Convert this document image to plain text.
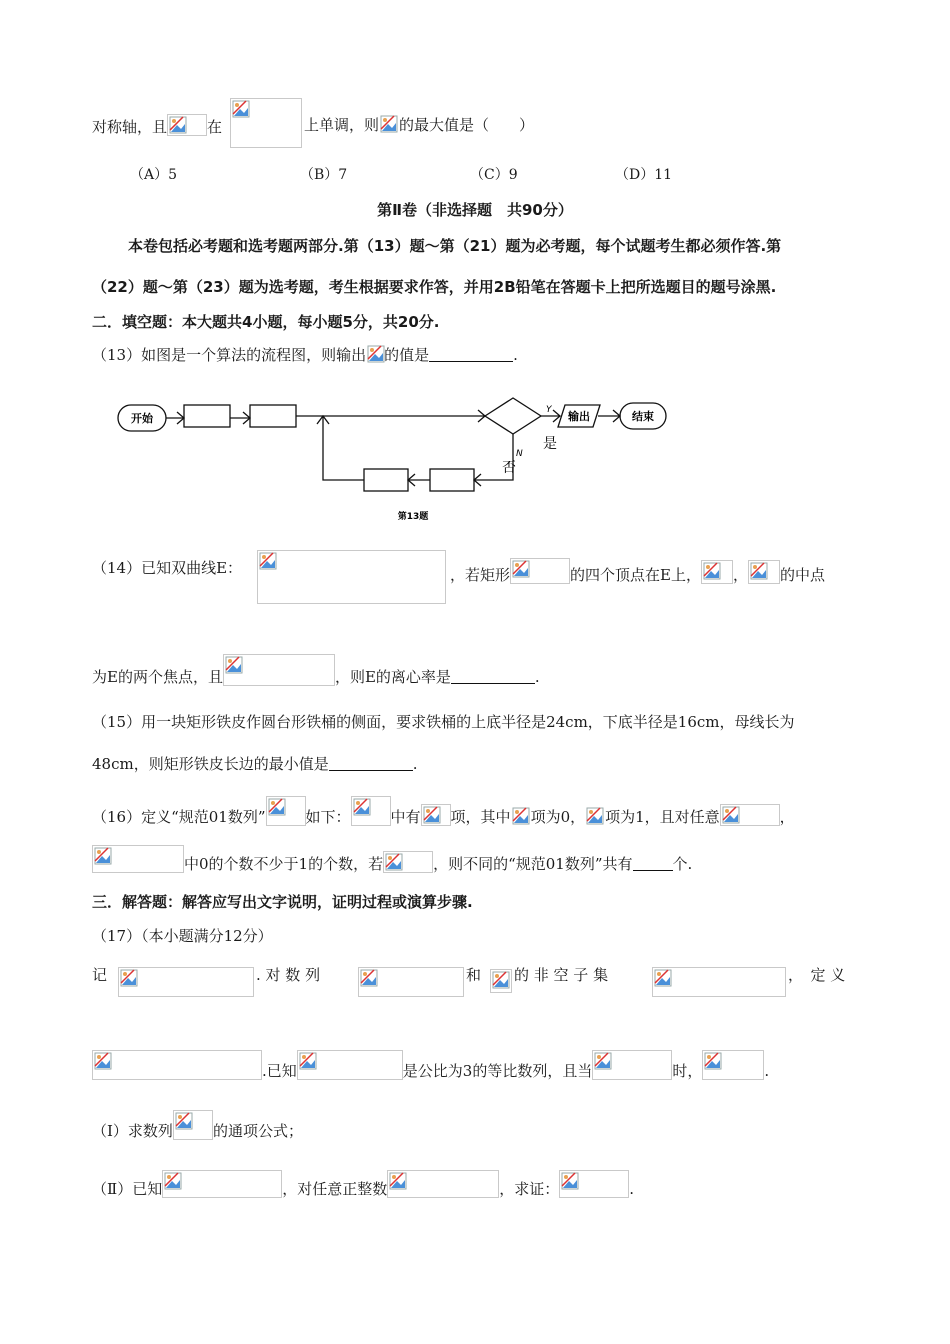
对称轴，且	在	上单调，则 的最大值是（　　）
（A）5	（B）7	（C）9	（D）11
第Ⅱ卷（非选择题　共90分）
本卷包括必考题和选考题两部分.第（13）题～第（21）题为必考题，每个试题考生都必须作答.第
（22）题～第（23）题为选考题，考生根据要求作答，并用2B铅笔在答题卡上把所选题目的题号涂黑.
二．填空题：本大题共4小题，每小题5分，共20分.
（13）如图是一个算法的流程图，则输出 的值是	.
开始	输出	结束
Y
N
是
否
第13题
（14）已知双曲线E：	，若矩形	的四个顶点在E上， ， 的中点
为E的两个焦点，且	，则E的离心率是	.
（15）用一块矩形铁皮作圆台形铁桶的侧面，要求铁桶的上底半径是24cm，下底半径是16cm，母线长为
48cm，则矩形铁皮长边的最小值是	.
（16）定义“规范01数列”	如下：	中有 项，其中 项为0， 项为1，且对任意	，
中0的个数不少于1的个数，若	，则不同的“规范01数列”共有	个.
三．解答题：解答应写出文字说明，证明过程或演算步骤.
（17）（本小题满分12分）
记	. 对 数 列	和 的 非 空 子 集	，　定 义
.已知	是公比为3的等比数列，且当	时，	.
（Ⅰ）求数列	的通项公式；
（Ⅱ）已知	，对任意正整数	，求证：	.
